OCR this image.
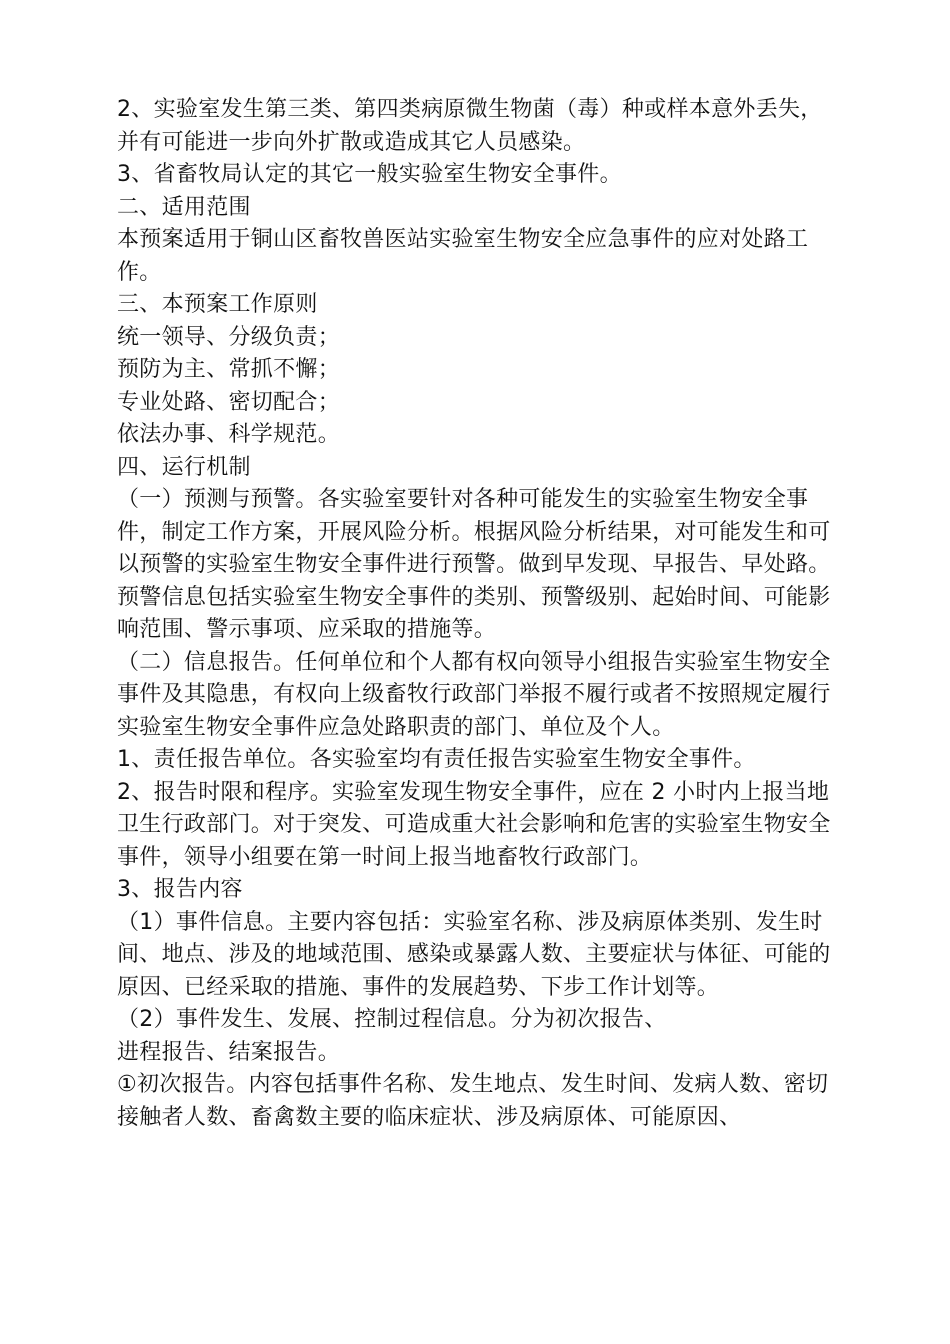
2、实验室发生第三类、第四类病原微生物菌（毒）种或样本意外丢失，并有可能进一步向外扩散或造成其它人员感染。

3、省畜牧局认定的其它一般实验室生物安全事件。

二、适用范围

本预案适用于铜山区畜牧兽医站实验室生物安全应急事件的应对处路工作。

三、本预案工作原则

统一领导、分级负责；

预防为主、常抓不懈；

专业处路、密切配合；

依法办事、科学规范。

四、运行机制

（一）预测与预警。各实验室要针对各种可能发生的实验室生物安全事件，制定工作方案，开展风险分析。根据风险分析结果，对可能发生和可以预警的实验室生物安全事件进行预警。做到早发现、早报告、早处路。预警信息包括实验室生物安全事件的类别、预警级别、起始时间、可能影响范围、警示事项、应采取的措施等。

（二）信息报告。任何单位和个人都有权向领导小组报告实验室生物安全事件及其隐患，有权向上级畜牧行政部门举报不履行或者不按照规定履行实验室生物安全事件应急处路职责的部门、单位及个人。

1、责任报告单位。各实验室均有责任报告实验室生物安全事件。

2、报告时限和程序。实验室发现生物安全事件，应在 2 小时内上报当地卫生行政部门。对于突发、可造成重大社会影响和危害的实验室生物安全事件，领导小组要在第一时间上报当地畜牧行政部门。

3、报告内容

（1）事件信息。主要内容包括：实验室名称、涉及病原体类别、发生时间、地点、涉及的地域范围、感染或暴露人数、主要症状与体征、可能的原因、已经采取的措施、事件的发展趋势、下步工作计划等。

（2）事件发生、发展、控制过程信息。分为初次报告、

进程报告、结案报告。

①初次报告。内容包括事件名称、发生地点、发生时间、发病人数、密切接触者人数、畜禽数主要的临床症状、涉及病原体、可能原因、
